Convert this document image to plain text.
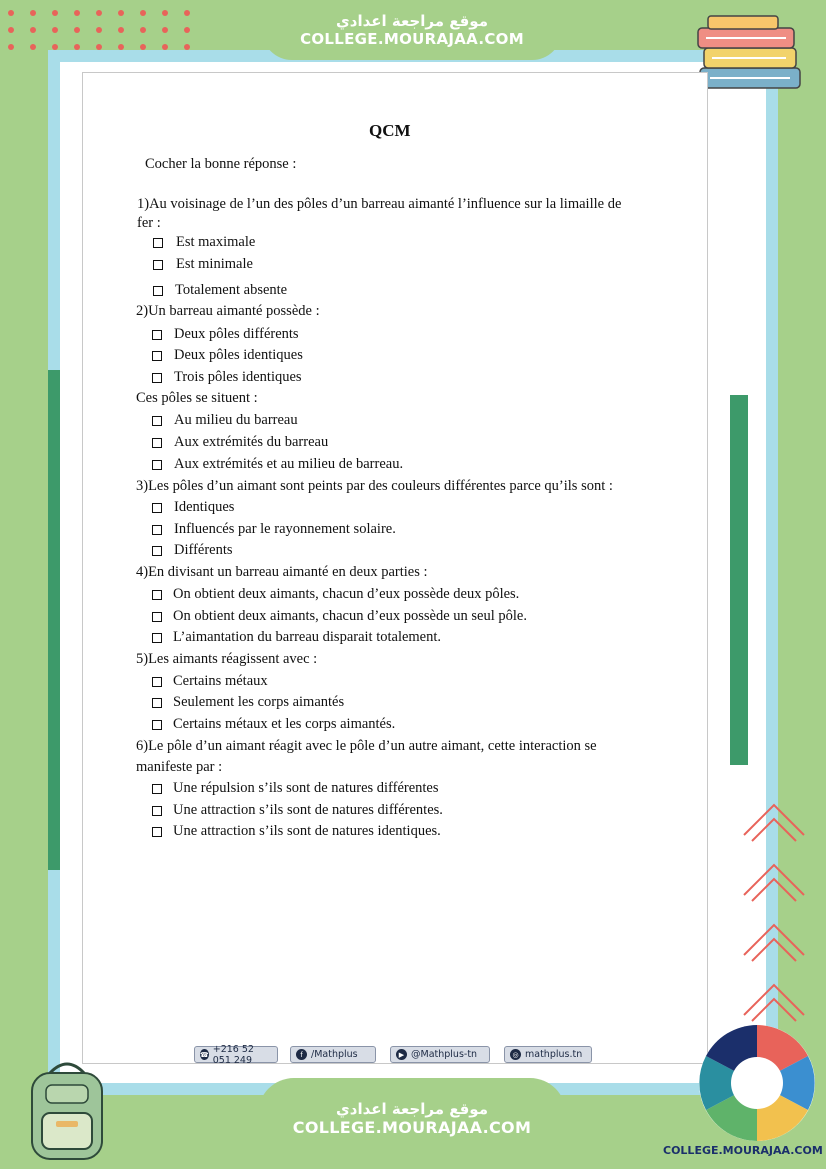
موقع مراجعة اعدادي
COLLEGE.MOURAJAA.COM
QCM
Cocher la bonne réponse :
1)Au voisinage de l’un des pôles d’un barreau aimanté l’influence sur la limaille de
fer :
Est maximale
Est minimale
Totalement absente
2)Un barreau aimanté possède :
Deux pôles différents
Deux pôles identiques
Trois pôles identiques
Ces pôles se situent :
Au milieu du barreau
Aux extrémités du barreau
Aux extrémités et au milieu de barreau.
3)Les pôles d’un aimant sont peints par des couleurs différentes parce qu’ils sont :
Identiques
Influencés par le rayonnement solaire.
Différents
4)En divisant un barreau aimanté en deux parties :
On obtient deux aimants, chacun d’eux possède deux pôles.
On obtient deux aimants, chacun d’eux possède un seul pôle.
L’aimantation du barreau disparait totalement.
5)Les aimants réagissent avec :
Certains métaux
Seulement les corps aimantés
Certains métaux et les corps aimantés.
6)Le pôle d’un aimant réagit avec le pôle d’un autre aimant, cette interaction se
manifeste par :
Une répulsion s’ils sont de natures différentes
Une attraction s’ils sont de natures différentes.
Une attraction s’ils sont de natures identiques.
☎ +216 52 051 249	f /Mathplus	▶ @Mathplus-tn	◎ mathplus.tn
موقع مراجعة اعدادي
COLLEGE.MOURAJAA.COM
COLLEGE.MOURAJAA.COM
